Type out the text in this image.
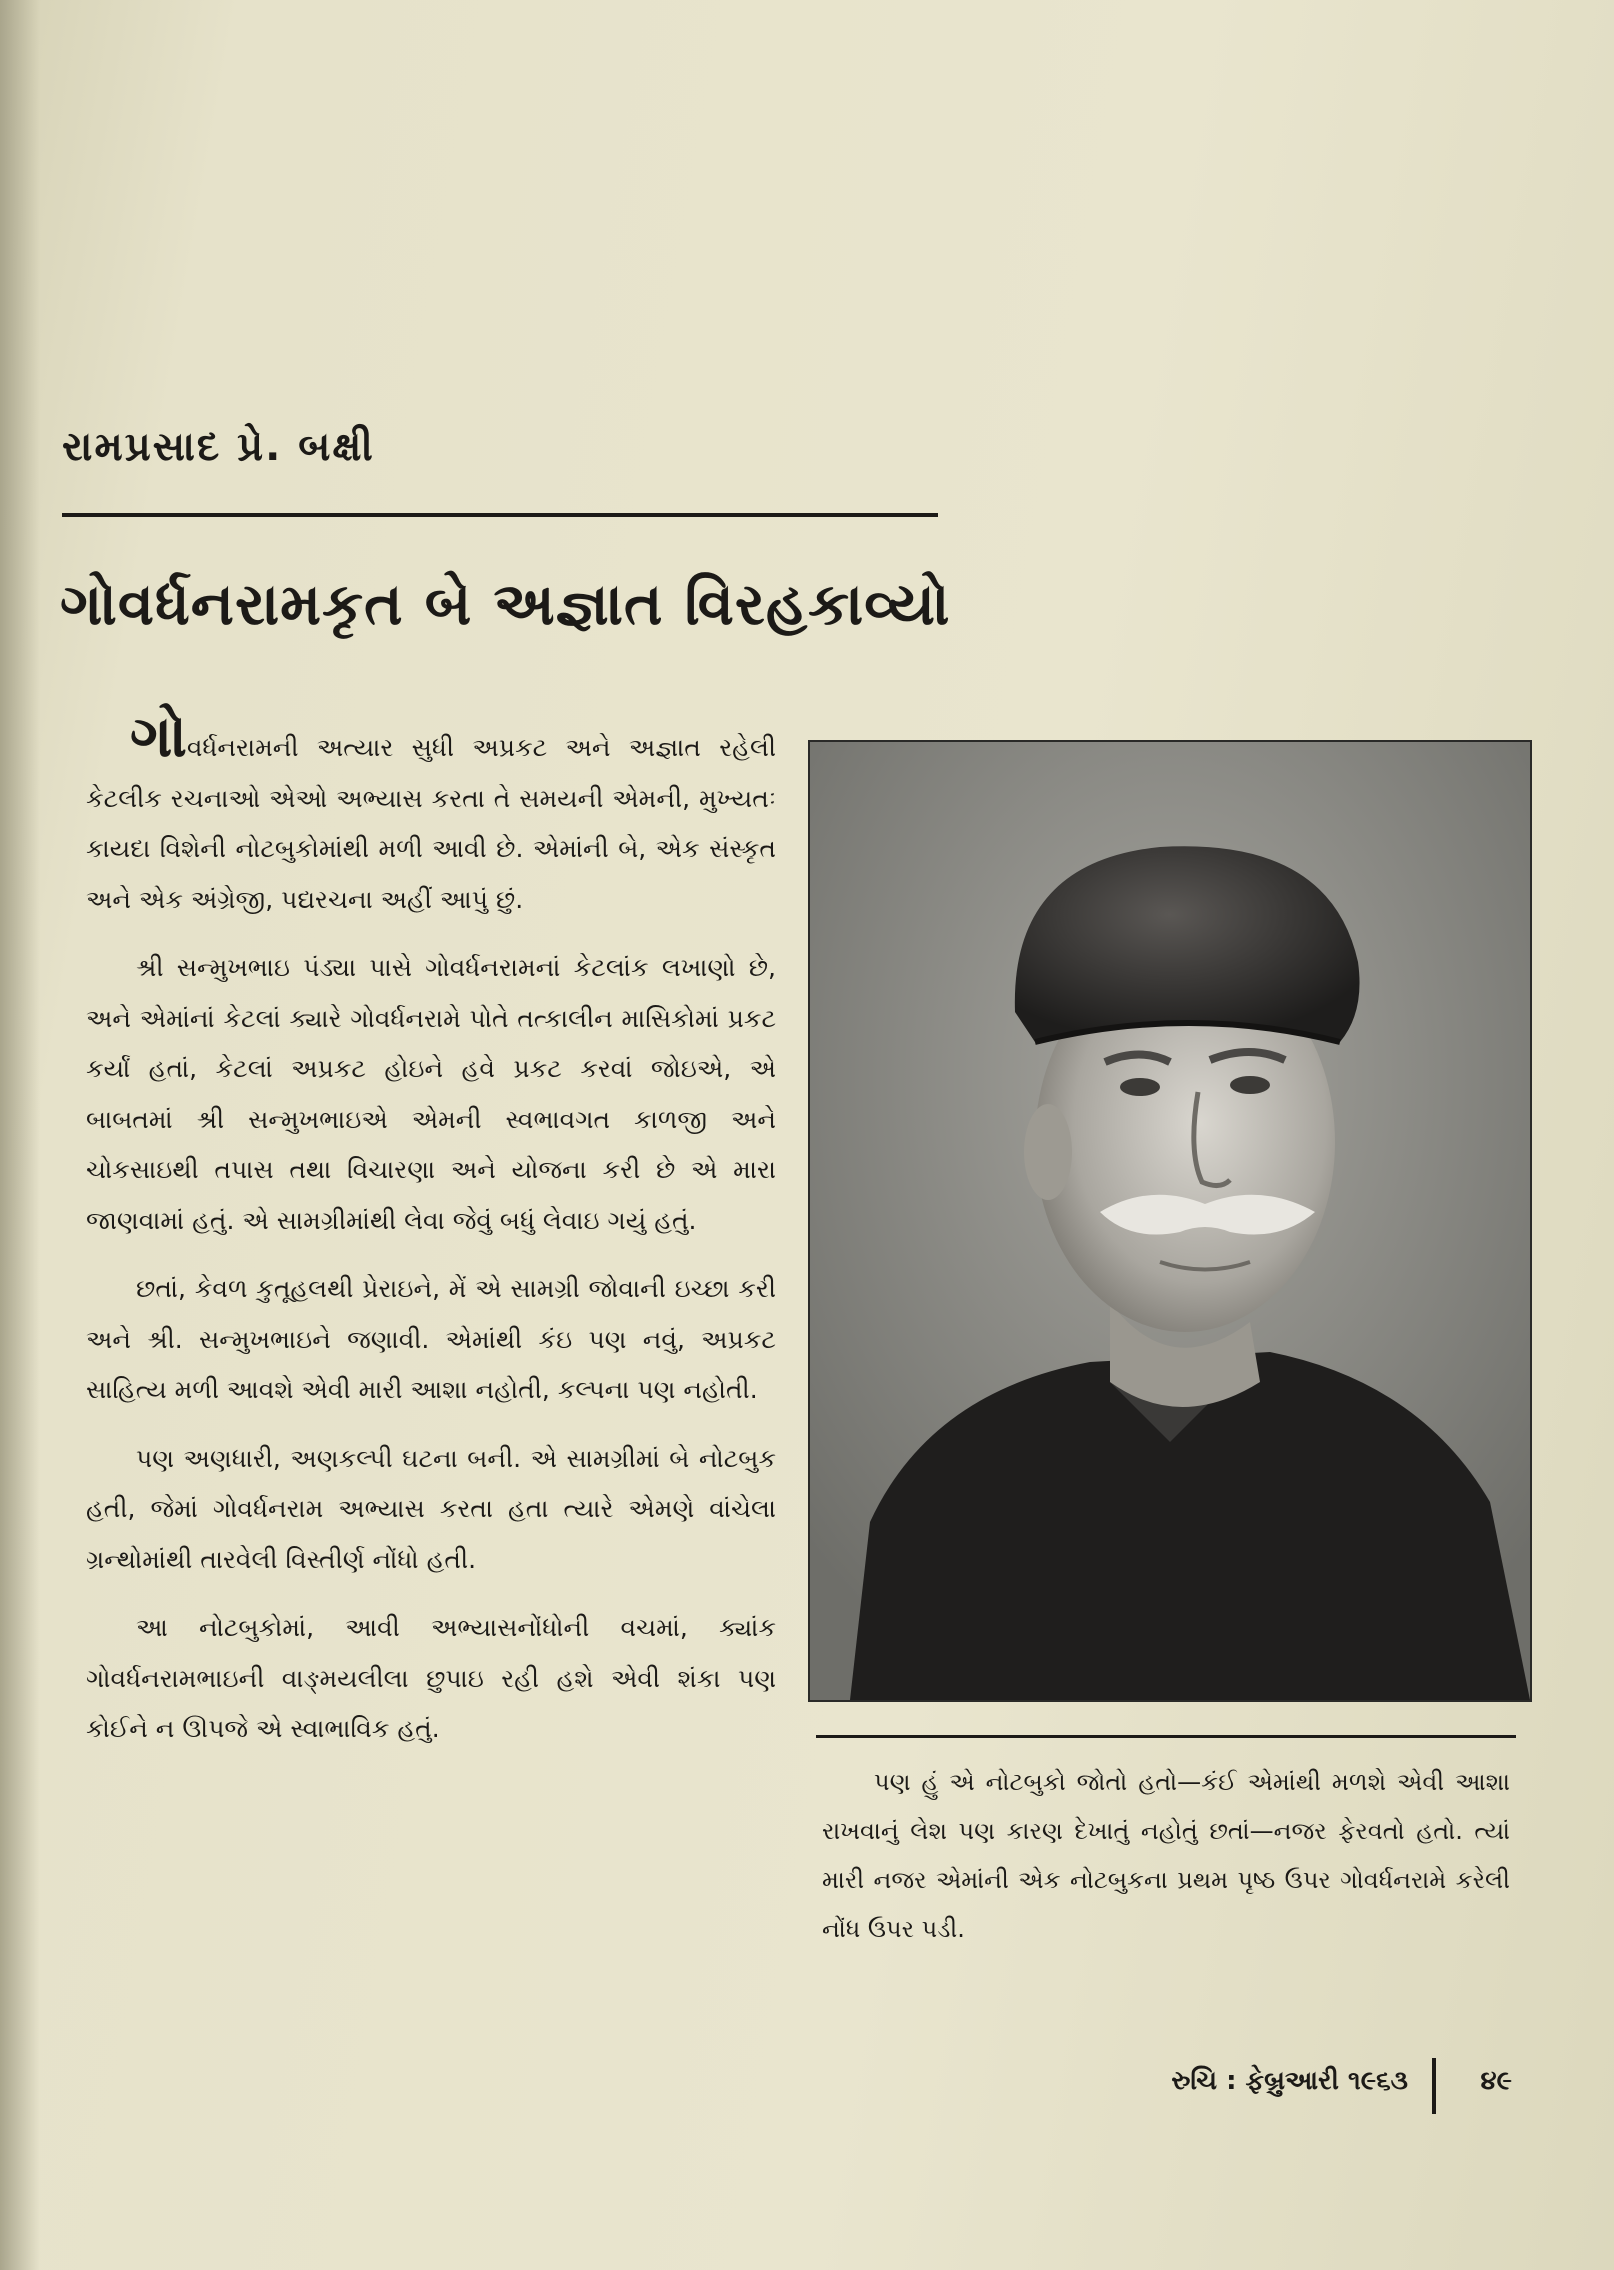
રામપ્રસાદ પ્રે. બક્ષી
ગોવર્ધનરામકૃત બે અજ્ઞાત વિરહકાવ્યો

ગોવર્ધનરામની અત્યાર સુધી અપ્રકટ અને અજ્ઞાત રહેલી કેટલીક રચનાઓ એઓ અભ્યાસ કરતા તે સમયની એમની, મુખ્યતઃ કાયદા વિશેની નોટબુકોમાંથી મળી આવી છે. એમાંની બે, એક સંસ્કૃત અને એક અંગ્રેજી, પદ્યરચના અહીં આપું છું.

શ્રી સન્મુખભાઇ પંડ્યા પાસે ગોવર્ધનરામનાં કેટલાંક લખાણો છે, અને એમાંનાં કેટલાં ક્યારે ગોવર્ધનરામે પોતે તત્કાલીન માસિકોમાં પ્રકટ કર્યાં હતાં, કેટલાં અપ્રકટ હોઇને હવે પ્રકટ કરવાં જોઇએ, એ બાબતમાં શ્રી સન્મુખભાઇએ એમની સ્વભાવગત કાળજી અને ચોકસાઇથી તપાસ તથા વિચારણા અને યોજના કરી છે એ મારા જાણવામાં હતું. એ સામગ્રીમાંથી લેવા જેવું બધું લેવાઇ ગયું હતું.

છતાં, કેવળ કુતૂહલથી પ્રેરાઇને, મેં એ સામગ્રી જોવાની ઇચ્છા કરી અને શ્રી. સન્મુખભાઇને જણાવી. એમાંથી કંઇ પણ નવું, અપ્રકટ સાહિત્ય મળી આવશે એવી મારી આશા નહોતી, કલ્પના પણ નહોતી.

પણ અણધારી, અણકલ્પી ઘટના બની. એ સામગ્રીમાં બે નોટબુક હતી, જેમાં ગોવર્ધનરામ અભ્યાસ કરતા હતા ત્યારે એમણે વાંચેલા ગ્રન્થોમાંથી તારવેલી વિસ્તીર્ણ નોંધો હતી.

આ નોટબુકોમાં, આવી અભ્યાસનોંધોની વચમાં, ક્યાંક ગોવર્ધનરામભાઇની વાઙ્‌મયલીલા છુપાઇ રહી હશે એવી શંકા પણ કોઈને ન ઊપજે એ સ્વાભાવિક હતું.

પણ હું એ નોટબુકો જોતો હતો—કંઈ એમાંથી મળશે એવી આશા રાખવાનું લેશ પણ કારણ દેખાતું નહોતું છતાં—નજર ફેરવતો હતો. ત્યાં મારી નજર એમાંની એક નોટબુકના પ્રથમ પૃષ્ઠ ઉપર ગોવર્ધનરામે કરેલી નોંધ ઉપર પડી.
રુચિ : ફેબ્રુઆરી ૧૯૬૩	૪૯
